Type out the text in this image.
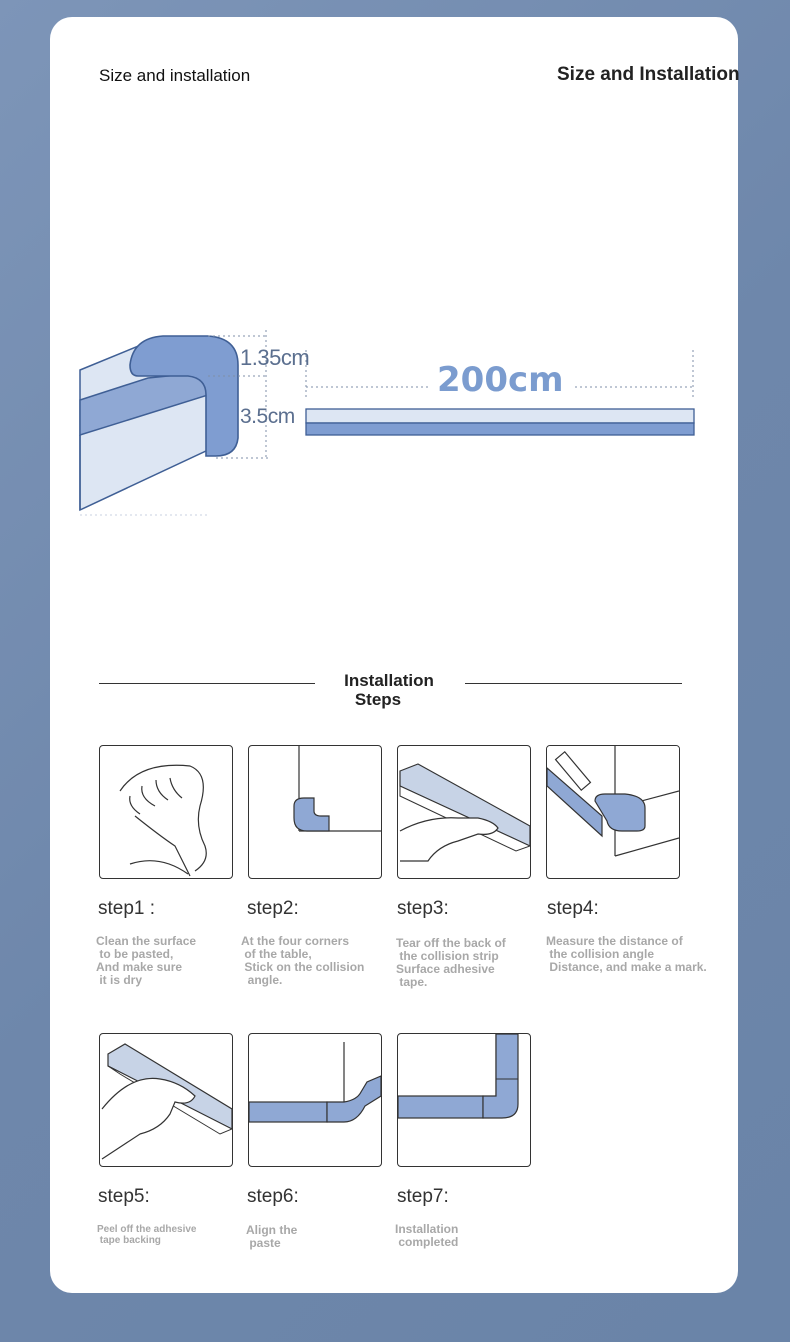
Size and installation	Size and Installation
1.35cm
3.5cm
200cm
Installation
Steps
step1 :
Clean the surface
to be pasted,
And make sure
it is dry
step2:
At the four corners
of the table,
Stick on the collision
angle.
step3:
Tear off the back of
the collision strip
Surface adhesive
tape.
step4:
Measure the distance of
the collision angle
Distance, and make a mark.
step5:
Peel off the adhesive
tape backing
step6:
Align the
paste
step7:
Installation
completed
